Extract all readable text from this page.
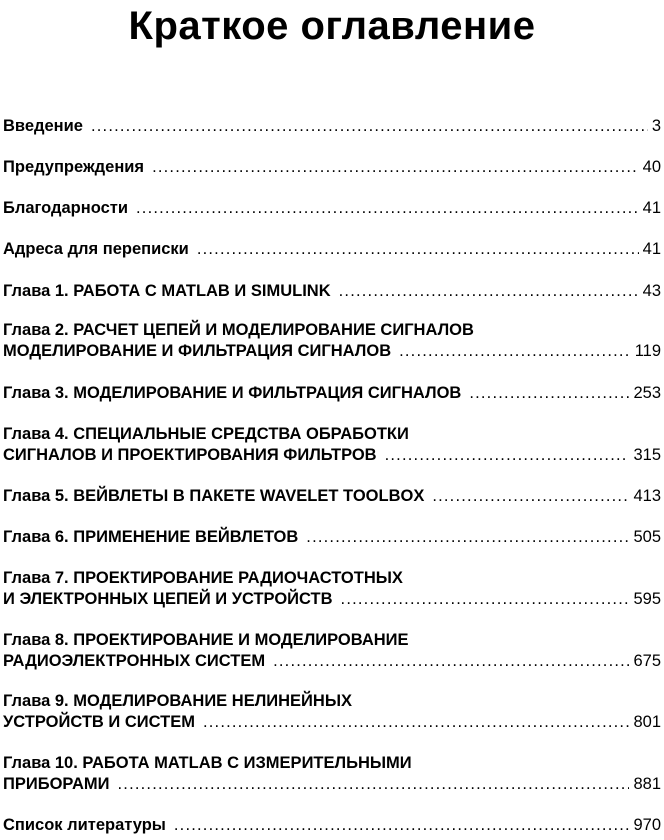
Краткое оглавление
Введение .....	3
Предупреждения .....	40
Благодарности .....	41
Адреса для переписки .....	41
Глава 1. РАБОТА С MATLAB И SIMULINK .....	43
Глава 2. РАСЧЕТ ЦЕПЕЙ И МОДЕЛИРОВАНИЕ СИГНАЛОВ
МОДЕЛИРОВАНИЕ И ФИЛЬТРАЦИЯ СИГНАЛОВ .....	119
Глава 3. МОДЕЛИРОВАНИЕ И ФИЛЬТРАЦИЯ СИГНАЛОВ .....	253
Глава 4. СПЕЦИАЛЬНЫЕ СРЕДСТВА ОБРАБОТКИ
СИГНАЛОВ И ПРОЕКТИРОВАНИЯ ФИЛЬТРОВ .....	315
Глава 5. ВЕЙВЛЕТЫ В ПАКЕТЕ WAVELET TOOLBOX .....	413
Глава 6. ПРИМЕНЕНИЕ ВЕЙВЛЕТОВ .....	505
Глава 7. ПРОЕКТИРОВАНИЕ РАДИОЧАСТОТНЫХ
И ЭЛЕКТРОННЫХ ЦЕПЕЙ И УСТРОЙСТВ .....	595
Глава 8. ПРОЕКТИРОВАНИЕ И МОДЕЛИРОВАНИЕ
РАДИОЭЛЕКТРОННЫХ СИСТЕМ .....	675
Глава 9. МОДЕЛИРОВАНИЕ НЕЛИНЕЙНЫХ
УСТРОЙСТВ И СИСТЕМ .....	801
Глава 10. РАБОТА MATLAB С ИЗМЕРИТЕЛЬНЫМИ
ПРИБОРАМИ .....	881
Список литературы .....	970
